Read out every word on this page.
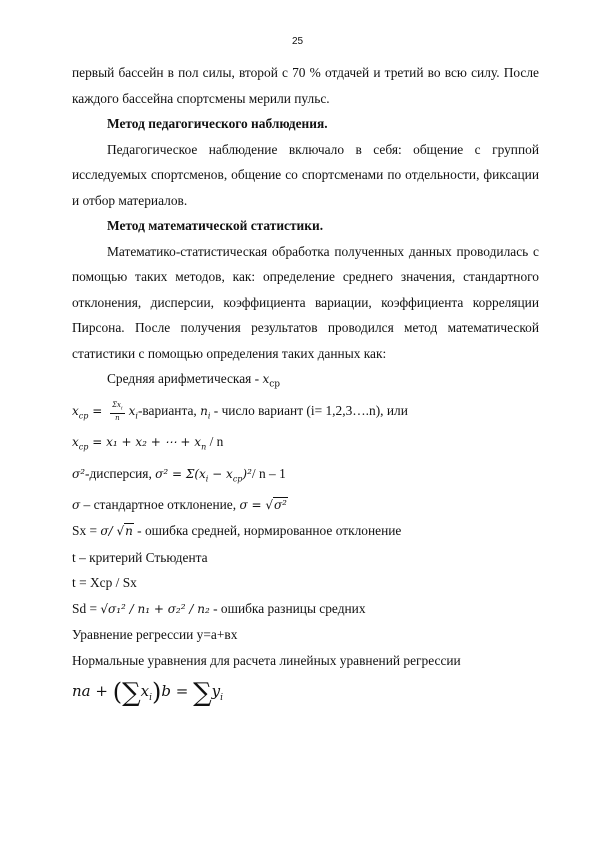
25

первый бассейн в пол силы, второй с 70 % отдачей и третий во всю силу. После каждого бассейна спортсмены мерили пульс.

Метод педагогического наблюдения.

Педагогическое наблюдение включало в себя: общение с группой исследуемых спортсменов, общение со спортсменами по отдельности, фиксации и отбор материалов.

Метод математической статистики.

Математико-статистическая обработка полученных данных проводилась с помощью таких методов, как: определение среднего значения, стандартного отклонения, дисперсии, коэффициента вариации, коэффициента корреляции Пирсона. После получения результатов проводился метод математической статистики с помощью определения таких данных как:

Средняя арифметическая - $x_{ср}$

$x_{ср} = \frac{\Sigma x_i}{n}$ $x_i$-варианта, $n_i$ - число вариант (i= 1,2,3….n), или

$x_{ср} = x_1 + x_2$ + ⋯ + $x_n$ / n

σ²-дисперсия, $\sigma^2 = \Sigma(x_i - x_{ср})^2/$ n – 1

σ – стандартное отклонение, σ = √σ²

Sx = σ/ √n - ошибка средней, нормированное отклонение

t – критерий Стьюдента

t = Xcp / Sx

Sd = √σ₁² / n₁ + σ₂² / n₂ - ошибка разницы средних

Уравнение регрессии y=a+вx

Нормальные уравнения для расчета линейных уравнений регрессии

na + $(\sum x_i)b = \sum y_i$
